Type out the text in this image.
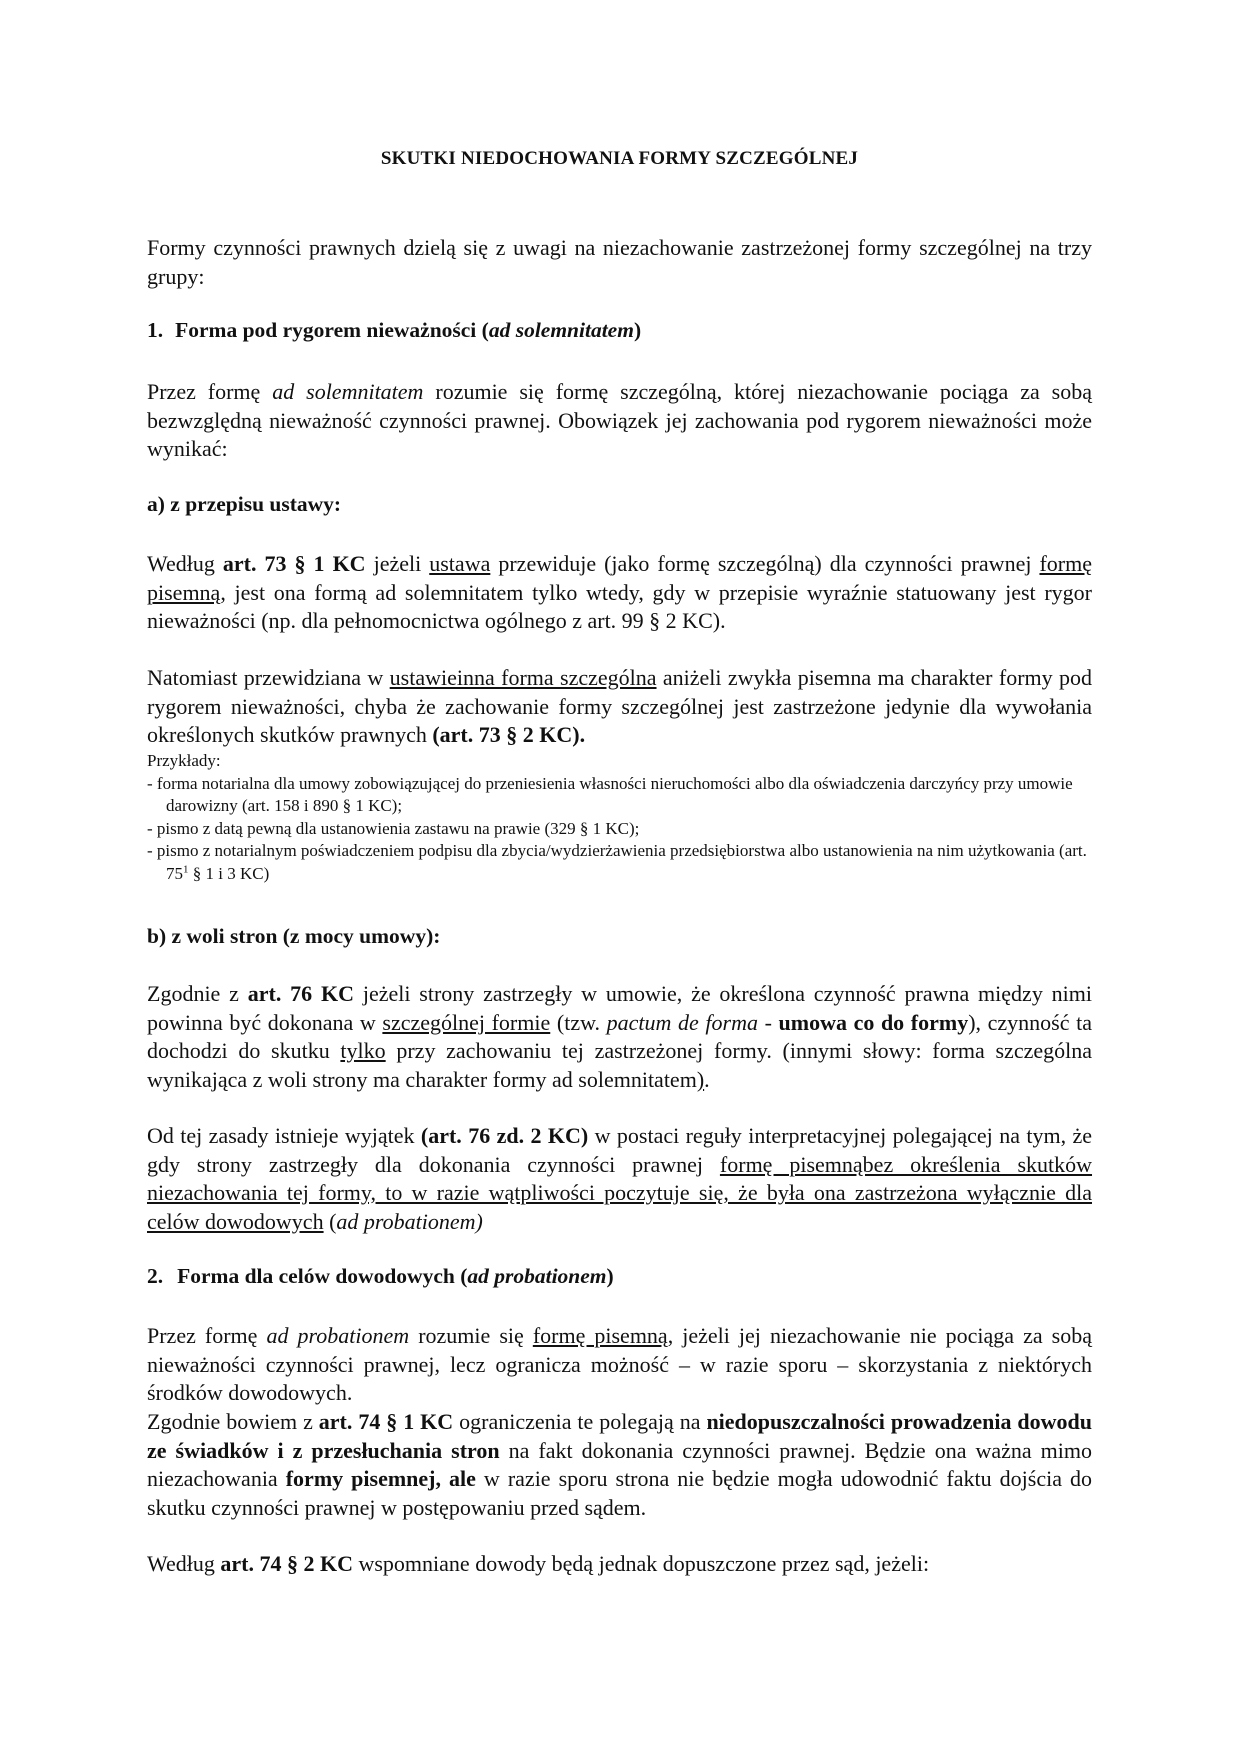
SKUTKI NIEDOCHOWANIA FORMY SZCZEGÓLNEJ
Formy czynności prawnych dzielą się z uwagi na niezachowanie zastrzeżonej formy szczególnej na trzy grupy:
1. Forma pod rygorem nieważności (ad solemnitatem)
Przez formę ad solemnitatem rozumie się formę szczególną, której niezachowanie pociąga za sobą bezwzględną nieważność czynności prawnej. Obowiązek jej zachowania pod rygorem nieważności może wynikać:
a) z przepisu ustawy:
Według art. 73 § 1 KC jeżeli ustawa przewiduje (jako formę szczególną) dla czynności prawnej formę pisemną, jest ona formą ad solemnitatem tylko wtedy, gdy w przepisie wyraźnie statuowany jest rygor nieważności (np. dla pełnomocnictwa ogólnego z art. 99 § 2 KC).
Natomiast przewidziana w ustawieinna forma szczególna aniżeli zwykła pisemna ma charakter formy pod rygorem nieważności, chyba że zachowanie formy szczególnej jest zastrzeżone jedynie dla wywołania określonych skutków prawnych (art. 73 § 2 KC).
Przykłady:
- forma notarialna dla umowy zobowiązującej do przeniesienia własności nieruchomości albo dla oświadczenia darczyńcy przy umowie darowizny (art. 158 i 890 § 1 KC);
- pismo z datą pewną dla ustanowienia zastawu na prawie (329 § 1 KC);
- pismo z notarialnym poświadczeniem podpisu dla zbycia/wydzierżawienia przedsiębiorstwa albo ustanowienia na nim użytkowania (art. $75^1$ § 1 i 3 KC)
b) z woli stron (z mocy umowy):
Zgodnie z art. 76 KC jeżeli strony zastrzegły w umowie, że określona czynność prawna między nimi powinna być dokonana w szczególnej formie (tzw. pactum de forma - umowa co do formy), czynność ta dochodzi do skutku tylko przy zachowaniu tej zastrzeżonej formy. (innymi słowy: forma szczególna wynikająca z woli strony ma charakter formy ad solemnitatem).
Od tej zasady istnieje wyjątek (art. 76 zd. 2 KC) w postaci reguły interpretacyjnej polegającej na tym, że gdy strony zastrzegły dla dokonania czynności prawnej formę pisemnąbez określenia skutków niezachowania tej formy, to w razie wątpliwości poczytuje się, że była ona zastrzeżona wyłącznie dla celów dowodowych (ad probationem)
2. Forma dla celów dowodowych (ad probationem)
Przez formę ad probationem rozumie się formę pisemną, jeżeli jej niezachowanie nie pociąga za sobą nieważności czynności prawnej, lecz ogranicza możność – w razie sporu – skorzystania z niektórych środków dowodowych.
Zgodnie bowiem z art. 74 § 1 KC ograniczenia te polegają na niedopuszczalności prowadzenia dowodu ze świadków i z przesłuchania stron na fakt dokonania czynności prawnej. Będzie ona ważna mimo niezachowania formy pisemnej, ale w razie sporu strona nie będzie mogła udowodnić faktu dojścia do skutku czynności prawnej w postępowaniu przed sądem.
Według art. 74 § 2 KC wspomniane dowody będą jednak dopuszczone przez sąd, jeżeli:
